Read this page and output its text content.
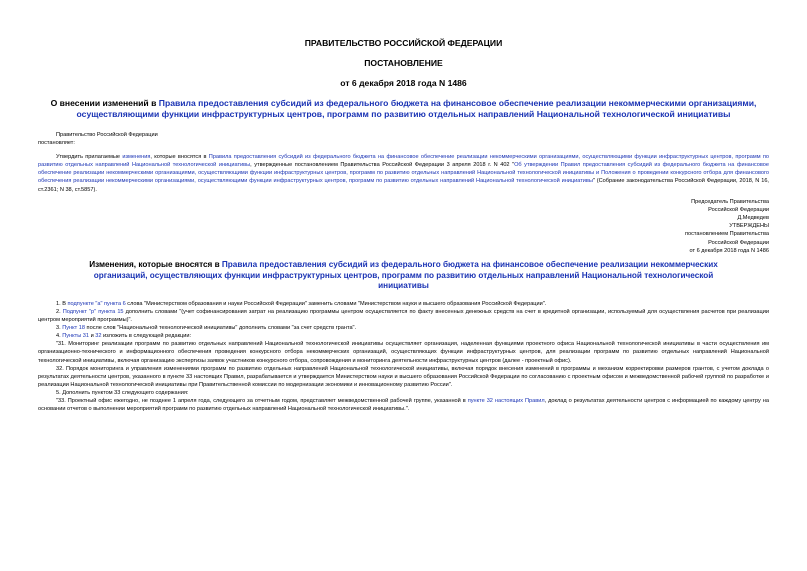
ПРАВИТЕЛЬСТВО РОССИЙСКОЙ ФЕДЕРАЦИИ
ПОСТАНОВЛЕНИЕ
от 6 декабря 2018 года N 1486
О внесении изменений в Правила предоставления субсидий из федерального бюджета на финансовое обеспечение реализации некоммерческими организациями, осуществляющими функции инфраструктурных центров, программ по развитию отдельных направлений Национальной технологической инициативы
Правительство Российской Федерации
постановляет:
Утвердить прилагаемые изменения, которые вносятся в Правила предоставления субсидий из федерального бюджета на финансовое обеспечение реализации некоммерческими организациями, осуществляющими функции инфраструктурных центров, программ по развитию отдельных направлений Национальной технологической инициативы, утвержденные постановлением Правительства Российской Федерации 3 апреля 2018 г. N 402 "Об утверждении Правил предоставления субсидий из федерального бюджета на финансовое обеспечение реализации некоммерческими организациями, осуществляющими функции инфраструктурных центров, программ по развитию отдельных направлений Национальной технологической инициативы и Положения о проведении конкурсного отбора для финансового обеспечения реализации некоммерческими организациями, осуществляющими функции инфраструктурных центров, программ по развитию отдельных направлений Национальной технологической инициативы" (Собрание законодательства Российской Федерации, 2018, N 16, ст.2361; N 38, ст.5857).
Председатель Правительства
Российской Федерации
Д.Медведев
УТВЕРЖДЕНЫ
постановлением Правительства
Российской Федерации
от 6 декабря 2018 года N 1486
Изменения, которые вносятся в Правила предоставления субсидий из федерального бюджета на финансовое обеспечение реализации некоммерческих организаций, осуществляющих функции инфраструктурных центров, программ по развитию отдельных направлений Национальной технологической инициативы
1. В подпункте "а" пункта 6 слова "Министерством образования и науки Российской Федерации" заменить словами "Министерством науки и высшего образования Российской Федерации".
2. Подпункт "р" пункта 15 дополнить словами "(учет софинансирования затрат на реализацию программы центром осуществляется по факту внесенных денежных средств на счет в кредитной организации, используемый для осуществления расчетов при реализации центром мероприятий программы)".
3. Пункт 18 после слов "Национальной технологической инициативы" дополнить словами "за счет средств гранта".
4. Пункты 31 и 32 изложить в следующей редакции:
"31. Мониторинг реализации программ по развитию отдельных направлений Национальной технологической инициативы осуществляет организация, наделенная функциями проектного офиса Национальной технологической инициативы в части осуществления им организационно-технического и информационного обеспечения проведения конкурсного отбора некоммерческих организаций, осуществляющих функции инфраструктурных центров, для реализации программ по развитию отдельных направлений Национальной технологической инициативы, включая организацию экспертизы заявок участников конкурсного отбора, сопровождения и мониторинга деятельности инфраструктурных центров (далее - проектный офис).
32. Порядок мониторинга и управления изменениями программ по развитию отдельных направлений Национальной технологической инициативы, включая порядок внесения изменений в программы и механизм корректировки размеров грантов, с учетом доклада о результатах деятельности центров, указанного в пункте 33 настоящих Правил, разрабатывается и утверждается Министерством науки и высшего образования Российской Федерации по согласованию с проектным офисом и межведомственной рабочей группой по разработке и реализации Национальной технологической инициативы при Правительственной комиссии по модернизации экономики и инновационному развитию России".
5. Дополнить пунктом 33 следующего содержания:
"33. Проектный офис ежегодно, не позднее 1 апреля года, следующего за отчетным годом, представляет межведомственной рабочей группе, указанной в пункте 32 настоящих Правил, доклад о результатах деятельности центров с информацией по каждому центру на основании отчетов о выполнении мероприятий программ по развитию отдельных направлений Национальной технологической инициативы.".
